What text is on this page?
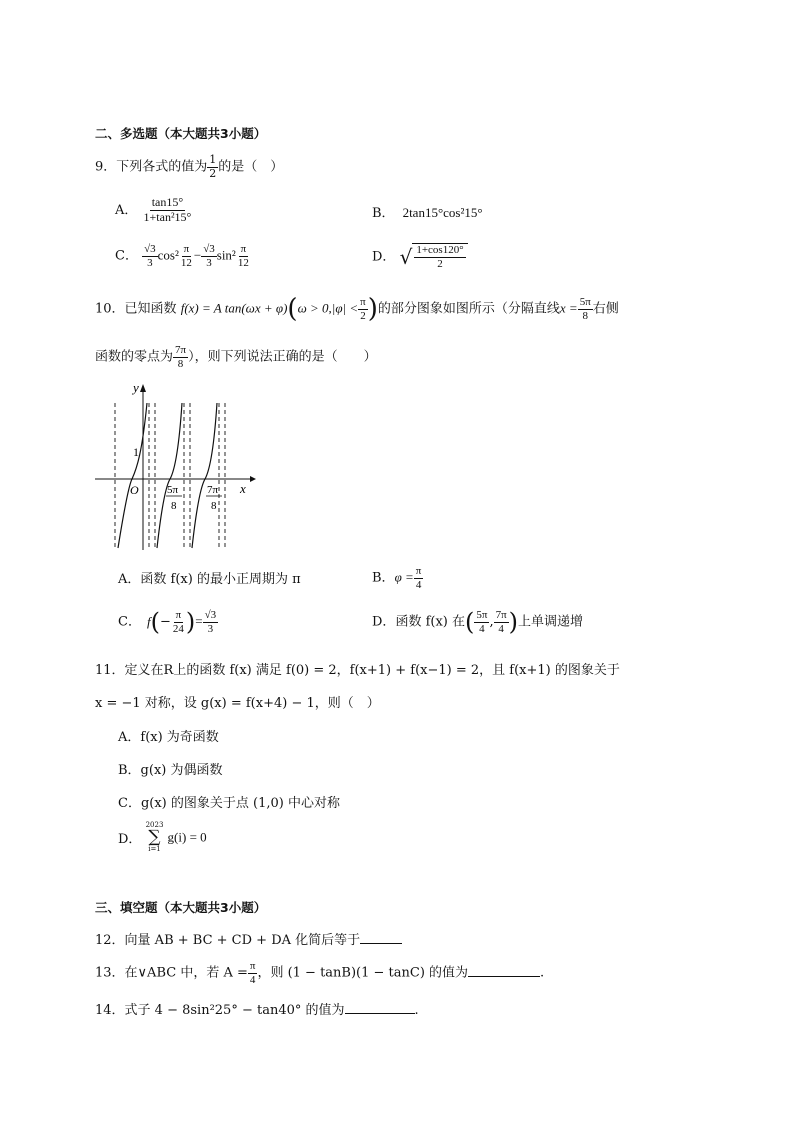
二、多选题（本大题共3小题）
9．下列各式的值为 $\frac{1}{2}$ 的是（　）
A． $\frac{\tan 15^\circ}{\text{1+tan²15°}}$	B． 2tan15°cos²15°
C． $\frac{√3}{3} \cos^2 \frac{\pi}{12} - \frac{√3}{3} \sin^2 \frac{\pi}{12}$	D． √ $\frac{1+\cos 120^\circ}{2}$
10．已知函数 f(x) = A $\tan(\omega x + \varphi)(\omega > 0,|\varphi| < \frac{\pi}{2}$ )的部分图象如图所示（分隔直线$x = \frac{5\pi}{8}$ 右侧
函数的零点为 $\frac{7\pi}{8}$ ），则下列说法正确的是（　　）
y
x
O
1
5π
8
7π
8
A．函数 f(x) 的最小正周期为 π	B．$\varphi = \frac{\pi}{4}$
C． $f(- \frac{\pi}{24}$ )= $\frac{√3}{3}$	D．函数 f(x) 在( $\frac{5\pi}{4}$ , $\frac{7\pi}{4}$ )上单调递增
11．定义在R上的函数 f(x) 满足 f(0) = 2，f(x+1) + f(x−1) = 2，且 f(x+1) 的图象关于
x = −1 对称，设 g(x) = f(x+4) − 1，则（　）
A．f(x) 为奇函数
B．g(x) 为偶函数
C．g(x) 的图象关于点 (1,0) 中心对称
D．
2023
∑
i=1
g(i) = 0
三、填空题（本大题共3小题）
12．向量 AB + BC + CD + DA 化简后等于
13．在∨ABC 中，若 $A = \frac{\pi}{4}$ ，则 (1 − tanB)(1 − tanC) 的值为	.
14．式子 4 − 8sin²25° − tan40° 的值为	.
